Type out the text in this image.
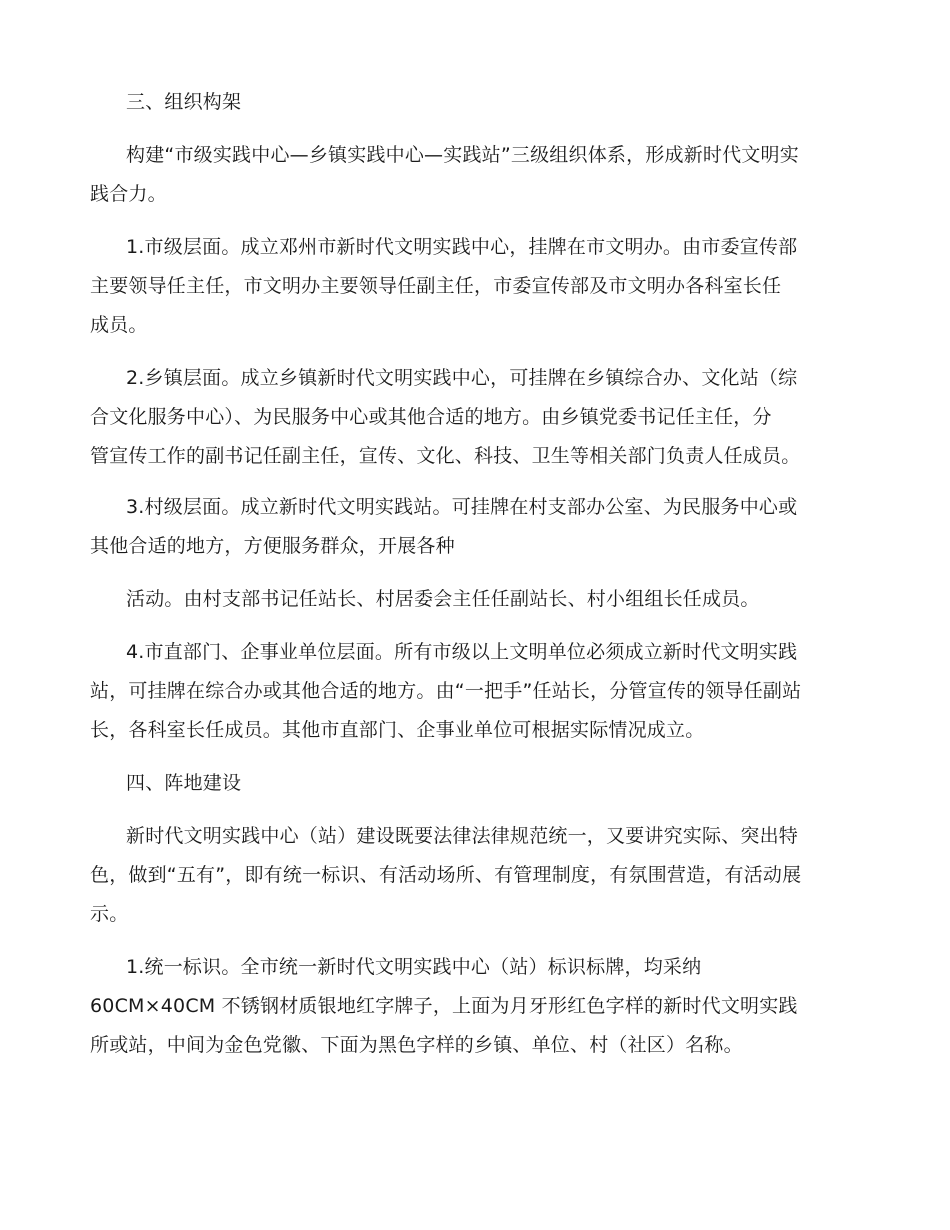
三、组织构架
构建“市级实践中心—乡镇实践中心—实践站”三级组织体系，形成新时代文明实
践合力。
1.市级层面。成立邓州市新时代文明实践中心，挂牌在市文明办。由市委宣传部
主要领导任主任，市文明办主要领导任副主任，市委宣传部及市文明办各科室长任
成员。
2.乡镇层面。成立乡镇新时代文明实践中心，可挂牌在乡镇综合办、文化站（综
合文化服务中心）、为民服务中心或其他合适的地方。由乡镇党委书记任主任，分
管宣传工作的副书记任副主任，宣传、文化、科技、卫生等相关部门负责人任成员。
3.村级层面。成立新时代文明实践站。可挂牌在村支部办公室、为民服务中心或
其他合适的地方，方便服务群众，开展各种
活动。由村支部书记任站长、村居委会主任任副站长、村小组组长任成员。
4.市直部门、企事业单位层面。所有市级以上文明单位必须成立新时代文明实践
站，可挂牌在综合办或其他合适的地方。由“一把手”任站长，分管宣传的领导任副站
长，各科室长任成员。其他市直部门、企事业单位可根据实际情况成立。
四、阵地建设
新时代文明实践中心（站）建设既要法律法律规范统一，又要讲究实际、突出特
色，做到“五有”，即有统一标识、有活动场所、有管理制度，有氛围营造，有活动展
示。
1.统一标识。全市统一新时代文明实践中心（站）标识标牌，均采纳
60CM×40CM 不锈钢材质银地红字牌子，上面为月牙形红色字样的新时代文明实践
所或站，中间为金色党徽、下面为黑色字样的乡镇、单位、村（社区）名称。
